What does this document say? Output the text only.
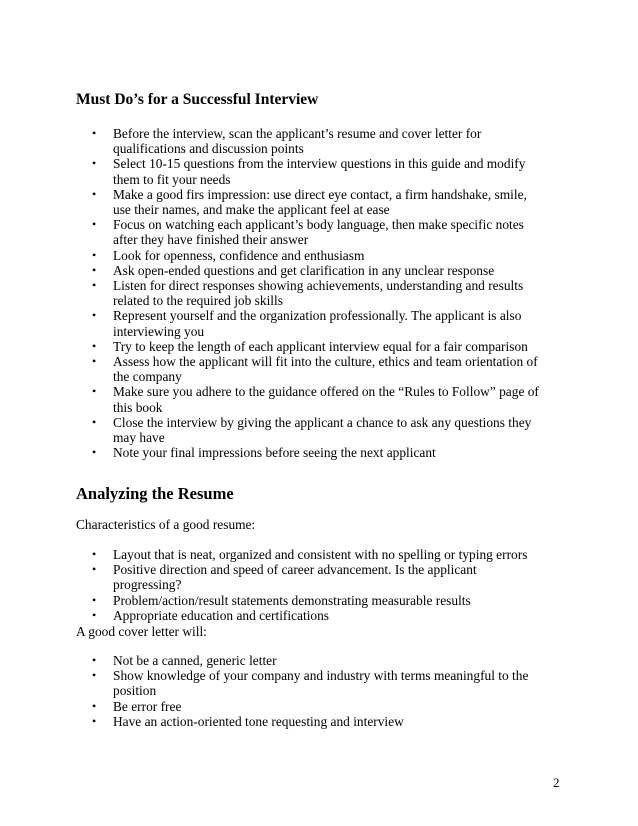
Must Do’s for a Successful Interview
• Before the interview, scan the applicant’s resume and cover letter for qualifications and discussion points
• Select 10-15 questions from the interview questions in this guide and modify them to fit your needs
• Make a good firs impression: use direct eye contact, a firm handshake, smile, use their names, and make the applicant feel at ease
• Focus on watching each applicant’s body language, then make specific notes after they have finished their answer
• Look for openness, confidence and enthusiasm
• Ask open-ended questions and get clarification in any unclear response
• Listen for direct responses showing achievements, understanding and results related to the required job skills
• Represent yourself and the organization professionally. The applicant is also interviewing you
• Try to keep the length of each applicant interview equal for a fair comparison
• Assess how the applicant will fit into the culture, ethics and team orientation of the company
• Make sure you adhere to the guidance offered on the “Rules to Follow” page of this book
• Close the interview by giving the applicant a chance to ask any questions they may have
• Note your final impressions before seeing the next applicant
Analyzing the Resume
Characteristics of a good resume:
• Layout that is neat, organized and consistent with no spelling or typing errors
• Positive direction and speed of career advancement. Is the applicant progressing?
• Problem/action/result statements demonstrating measurable results
• Appropriate education and certifications
A good cover letter will:
• Not be a canned, generic letter
• Show knowledge of your company and industry with terms meaningful to the position
• Be error free
• Have an action-oriented tone requesting and interview
2
